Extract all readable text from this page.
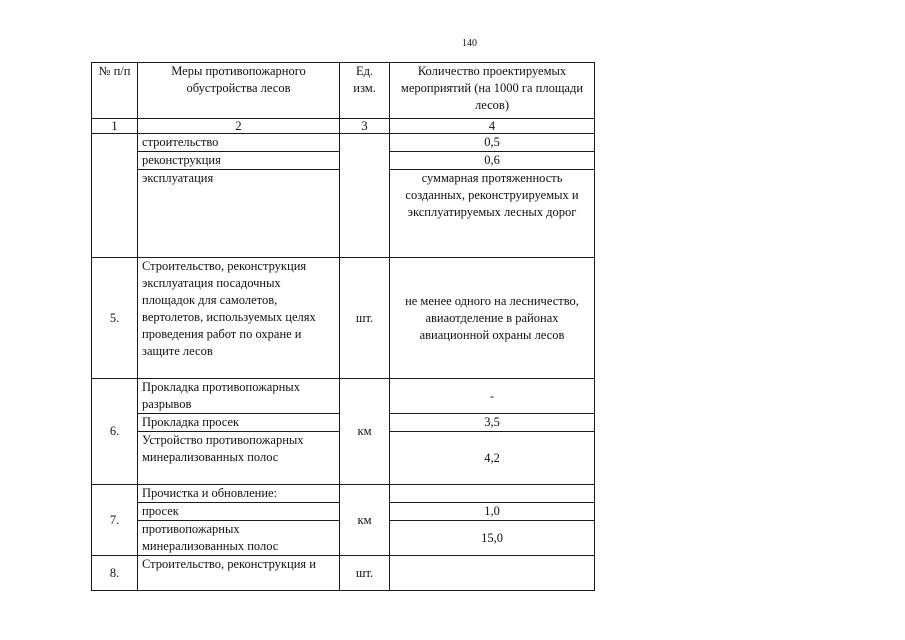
140
№ п/п	Меры противопожарного обустройства лесов	Ед. изм.	Количество проектируемых мероприятий (на 1000 га площади лесов)
1	2	3	4
	строительство		0,5
	реконструкция		0,6
	эксплуатация		суммарная протяженность созданных, реконструируемых и эксплуатируемых лесных дорог
5.	Строительство, реконструкция эксплуатация посадочных площадок для самолетов, вертолетов, используемых целях проведения работ по охране и защите лесов	шт.	не менее одного на лесничество, авиаотделение в районах авиационной охраны лесов
6.	Прокладка противопожарных разрывов	км	-
	Прокладка просек		3,5
	Устройство противопожарных минерализованных полос		4,2
7.	Прочистка и обновление:	км	
	просек		1,0
	противопожарных минерализованных полос		15,0
8.	Строительство, реконструкция и	шт.	
